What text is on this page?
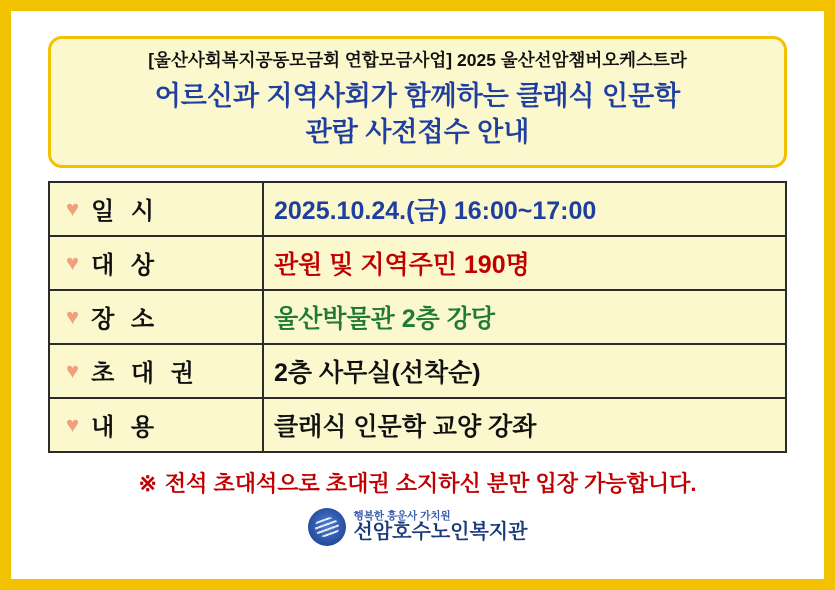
[울산사회복지공동모금회 연합모금사업] 2025 울산선암챔버오케스트라
어르신과 지역사회가 함께하는 클래식 인문학
관람 사전접수 안내
♥ 일 시	2025.10.24.(금) 16:00~17:00

♥ 대 상	관원 및 지역주민 190명

♥ 장 소	울산박물관 2층 강당

♥ 초 대 권	2층 사무실(선착순)

♥ 내 용	클래식 인문학 교양 강좌
※ 전석 초대석으로 초대권 소지하신 분만 입장 가능합니다.
행복한 흥운사 가치원
선암호수노인복지관
